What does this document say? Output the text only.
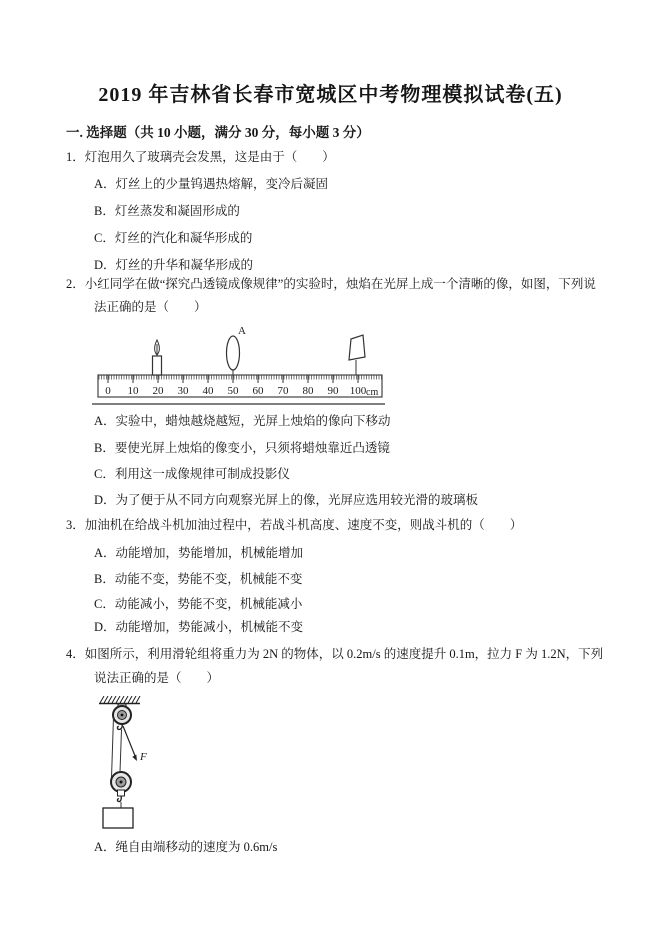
2019 年吉林省长春市宽城区中考物理模拟试卷(五)
一. 选择题（共 10 小题，满分 30 分，每小题 3 分）
1．灯泡用久了玻璃壳会发黑，这是由于（　　）
A．灯丝上的少量钨遇热熔解，变冷后凝固
B．灯丝蒸发和凝固形成的
C．灯丝的汽化和凝华形成的
D．灯丝的升华和凝华形成的
2．小红同学在做“探究凸透镜成像规律”的实验时，烛焰在光屏上成一个清晰的像，如图，下列说
法正确的是（　　）
0 10 20 30 40 50 60 70 80 90 100 cm
A
A．实验中，蜡烛越烧越短，光屏上烛焰的像向下移动
B．要使光屏上烛焰的像变小，只须将蜡烛靠近凸透镜
C．利用这一成像规律可制成投影仪
D．为了便于从不同方向观察光屏上的像，光屏应选用较光滑的玻璃板
3．加油机在给战斗机加油过程中，若战斗机高度、速度不变，则战斗机的（　　）
A．动能增加，势能增加，机械能增加
B．动能不变，势能不变，机械能不变
C．动能减小，势能不变，机械能减小
D．动能增加，势能减小，机械能不变
4．如图所示，利用滑轮组将重力为 2N 的物体，以 0.2m/s 的速度提升 0.1m，拉力 F 为 1.2N，下列
说法正确的是（　　）
F
A．绳自由端移动的速度为 0.6m/s
